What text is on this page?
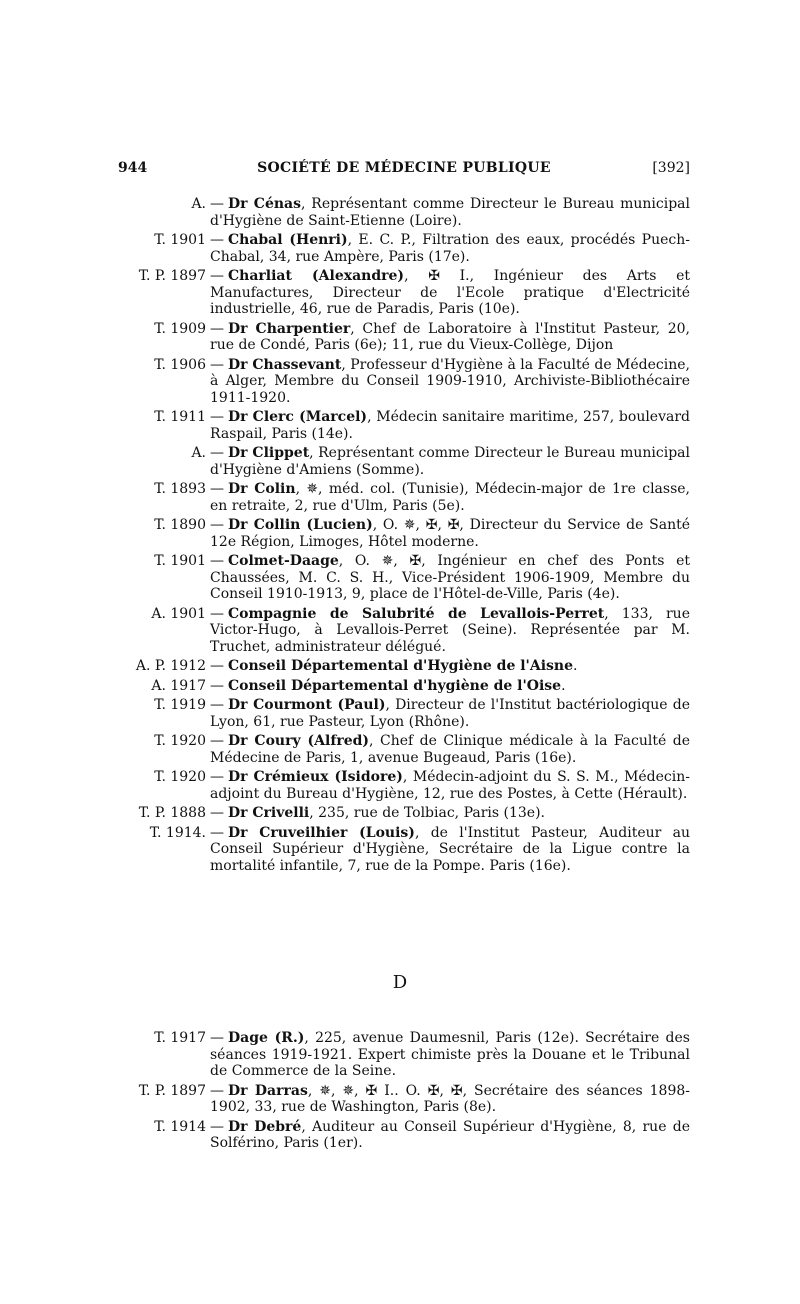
944	SOCIÉTÉ DE MÉDECINE PUBLIQUE	[392]
A. — Dr Cénas, Représentant comme Directeur le Bureau municipal d'Hygiène de Saint-Etienne (Loire).
T. 1901 — Chabal (Henri), E. C. P., Filtration des eaux, procédés Puech-Chabal, 34, rue Ampère, Paris (17e).
T. P. 1897 — Charliat (Alexandre), ✠ I., Ingénieur des Arts et Manufactures, Directeur de l'Ecole pratique d'Electricité industrielle, 46, rue de Paradis, Paris (10e).
T. 1909 — Dr Charpentier, Chef de Laboratoire à l'Institut Pasteur, 20, rue de Condé, Paris (6e); 11, rue du Vieux-Collège, Dijon
T. 1906 — Dr Chassevant, Professeur d'Hygiène à la Faculté de Médecine, à Alger, Membre du Conseil 1909-1910, Archiviste-Bibliothécaire 1911-1920.
T. 1911 — Dr Clerc (Marcel), Médecin sanitaire maritime, 257, boulevard Raspail, Paris (14e).
A. — Dr Clippet, Représentant comme Directeur le Bureau municipal d'Hygiène d'Amiens (Somme).
T. 1893 — Dr Colin, ✵, méd. col. (Tunisie), Médecin-major de 1re classe, en retraite, 2, rue d'Ulm, Paris (5e).
T. 1890 — Dr Collin (Lucien), O. ✵, ✠, ✠, Directeur du Service de Santé 12e Région, Limoges, Hôtel moderne.
T. 1901 — Colmet-Daage, O. ✵, ✠, Ingénieur en chef des Ponts et Chaussées, M. C. S. H., Vice-Président 1906-1909, Membre du Conseil 1910-1913, 9, place de l'Hôtel-de-Ville, Paris (4e).
A. 1901 — Compagnie de Salubrité de Levallois-Perret, 133, rue Victor-Hugo, à Levallois-Perret (Seine). Représentée par M. Truchet, administrateur délégué.
A. P. 1912 — Conseil Départemental d'Hygiène de l'Aisne.
A. 1917 — Conseil Départemental d'hygiène de l'Oise.
T. 1919 — Dr Courmont (Paul), Directeur de l'Institut bactériologique de Lyon, 61, rue Pasteur, Lyon (Rhône).
T. 1920 — Dr Coury (Alfred), Chef de Clinique médicale à la Faculté de Médecine de Paris, 1, avenue Bugeaud, Paris (16e).
T. 1920 — Dr Crémieux (Isidore), Médecin-adjoint du S. S. M., Médecin-adjoint du Bureau d'Hygiène, 12, rue des Postes, à Cette (Hérault).
T. P. 1888 — Dr Crivelli, 235, rue de Tolbiac, Paris (13e).
T. 1914. — Dr Cruveilhier (Louis), de l'Institut Pasteur, Auditeur au Conseil Supérieur d'Hygiène, Secrétaire de la Ligue contre la mortalité infantile, 7, rue de la Pompe. Paris (16e).
D
T. 1917 — Dage (R.), 225, avenue Daumesnil, Paris (12e). Secrétaire des séances 1919-1921. Expert chimiste près la Douane et le Tribunal de Commerce de la Seine.
T. P. 1897 — Dr Darras, ✵, ✵, ✠ I.. O. ✠, ✠, Secrétaire des séances 1898-1902, 33, rue de Washington, Paris (8e).
T. 1914 — Dr Debré, Auditeur au Conseil Supérieur d'Hygiène, 8, rue de Solférino, Paris (1er).
